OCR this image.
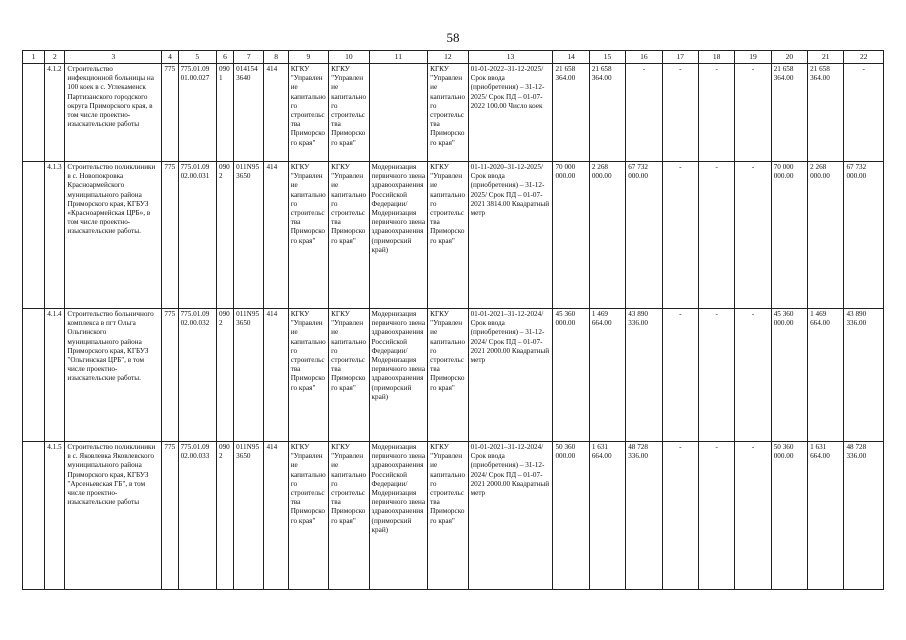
58
1	2	3	4	5	6	7	8	9	10	11	12	13	14	15	16	17	18	19	20	21	22
	4.1.2	Строительство инфекционной больницы на 100 коек в с. Углекаменск Партизанского городского округа Приморского края, в том числе проектно-изыскательские работы	775	775.01.09 01.00.027	0901	014154 3640	414	КГКУ "Управление капитального строительства Приморского края"	КГКУ "Управление капитального строительства Приморского края"		КГКУ "Управление капитального строительства Приморского края"	01-01-2022–31-12-2025/ Срок ввода (приобретения) – 31-12-2025/ Срок ПД – 01-07-2022 100.00 Число коек	21 658 364.00	21 658 364.00	-	-	-	-	21 658 364.00	21 658 364.00	-
	4.1.3	Строительство поликлиники в с. Новопокровка Красноармейского муниципального района Приморского края, КГБУЗ «Красноармейская ЦРБ», в том числе проектно-изыскательские работы.	775	775.01.09 02.00.031	0902	011N95 3650	414	КГКУ "Управление капитального строительства Приморского края"	КГКУ "Управление капитального строительства Приморского края"	Модернизация первичного звена здравоохранения Российской Федерации/Модернизация первичного звена здравоохранения (приморский край)	КГКУ "Управление капитального строительства Приморского края"	01-11-2020–31-12-2025/ Срок ввода (приобретения) – 31-12-2025/ Срок ПД – 01-07-2021 3814.00 Квадратный метр	70 000 000.00	2 268 000.00	67 732 000.00	-	-	-	70 000 000.00	2 268 000.00	67 732 000.00
	4.1.4	Строительство больничного комплекса в пгт Ольга Ольгинского муниципального района Приморского края, КГБУЗ "Ольгинская ЦРБ", в том числе проектно-изыскательские работы.	775	775.01.09 02.00.032	0902	011N95 3650	414	КГКУ "Управление капитального строительства Приморского края"	КГКУ "Управление капитального строительства Приморского края"	Модернизация первичного звена здравоохранения Российской Федерации/Модернизация первичного звена здравоохранения (приморский край)	КГКУ "Управление капитального строительства Приморского края"	01-01-2021–31-12-2024/ Срок ввода (приобретения) – 31-12-2024/ Срок ПД – 01-07-2021 2000.00 Квадратный метр	45 360 000.00	1 469 664.00	43 890 336.00	-	-	-	45 360 000.00	1 469 664.00	43 890 336.00
	4.1.5	Строительство поликлиники в с. Яковлевка Яковлевского муниципального района Приморского края, КГБУЗ "Арсеньевская ГБ", в том числе проектно-изыскательские работы	775	775.01.09 02.00.033	0902	011N95 3650	414	КГКУ "Управление капитального строительства Приморского края"	КГКУ "Управление капитального строительства Приморского края"	Модернизация первичного звена здравоохранения Российской Федерации/Модернизация первичного звена здравоохранения (приморский край)	КГКУ "Управление капитального строительства Приморского края"	01-01-2021–31-12-2024/ Срок ввода (приобретения) – 31-12-2024/ Срок ПД – 01-07-2021 2000.00 Квадратный метр	50 360 000.00	1 631 664.00	48 728 336.00	-	-	-	50 360 000.00	1 631 664.00	48 728 336.00
